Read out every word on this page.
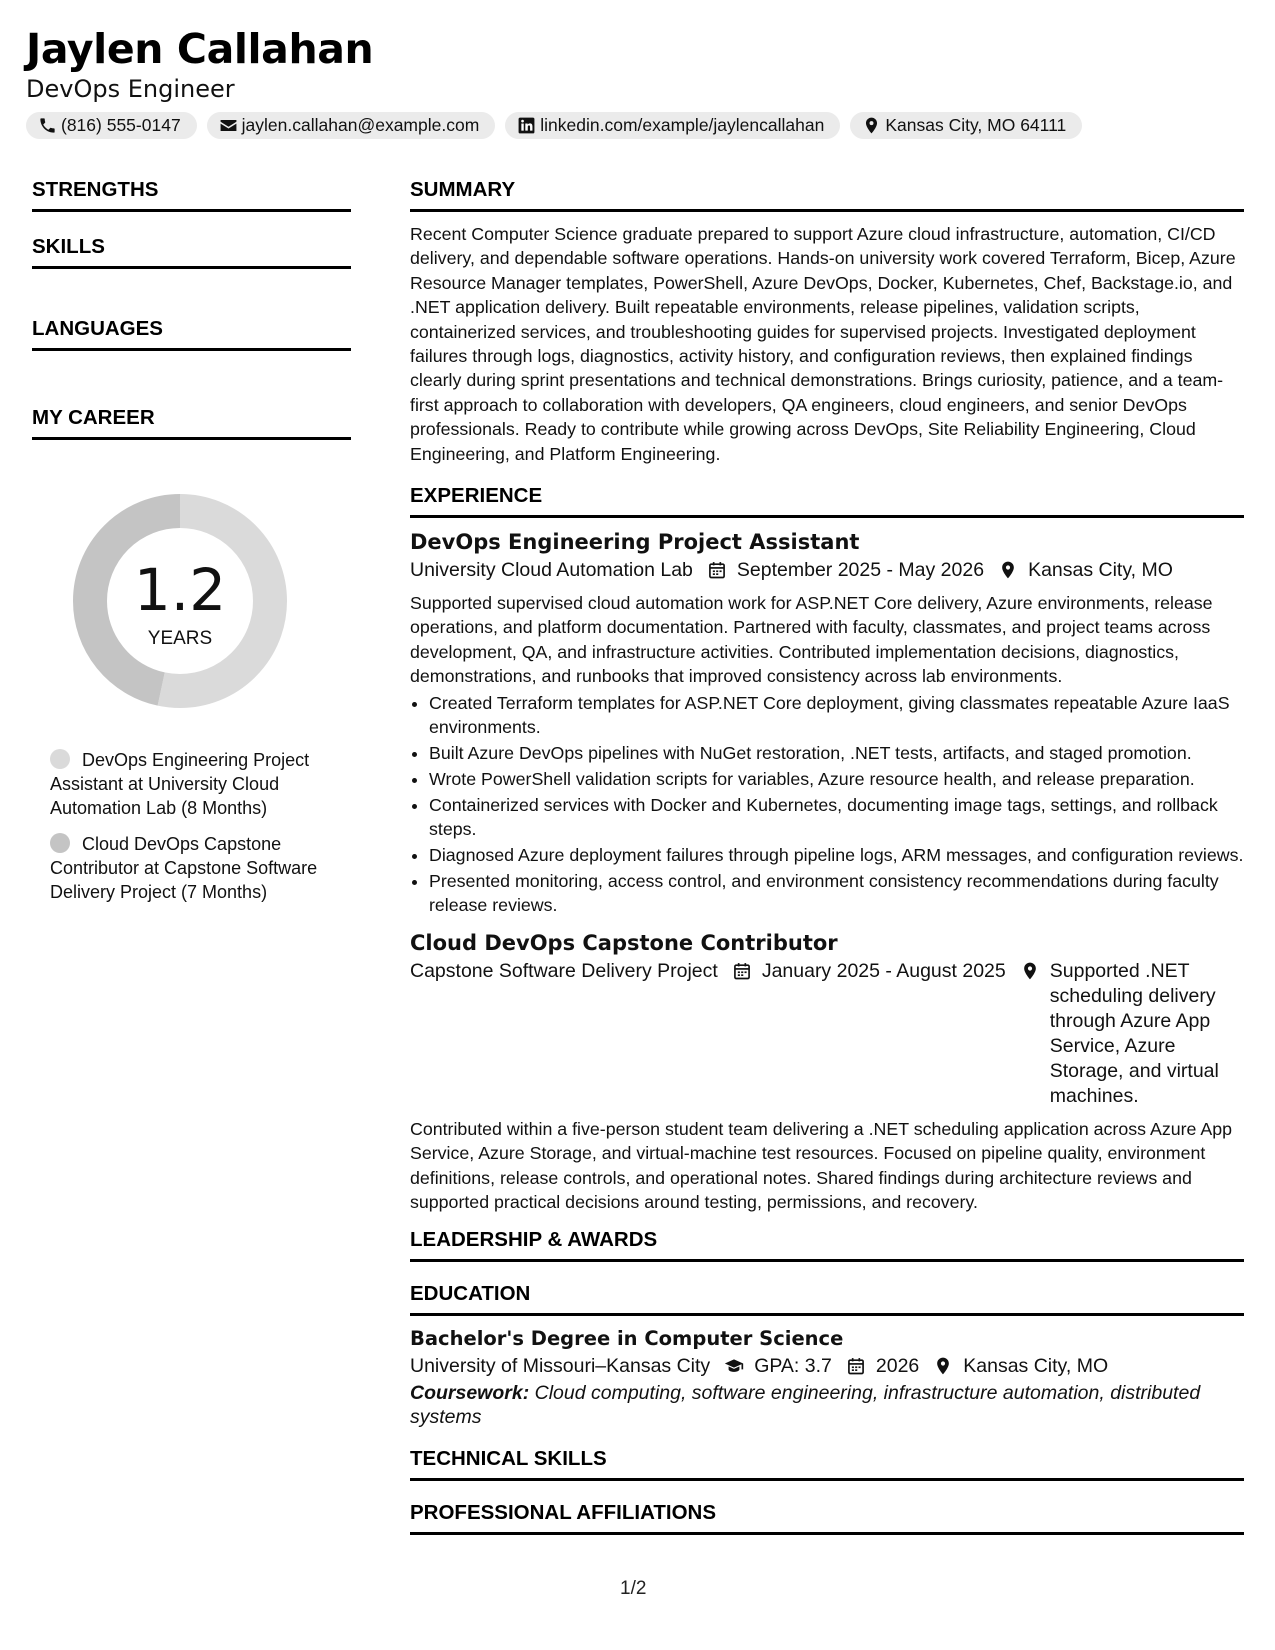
Jaylen Callahan
DevOps Engineer
(816) 555-0147	jaylen.callahan@example.com	linkedin.com/example/jaylencallahan	Kansas City, MO 64111
STRENGTHS
SKILLS
LANGUAGES
MY CAREER
1.2
YEARS
DevOps Engineering Project Assistant at University Cloud Automation Lab (8 Months)
Cloud DevOps Capstone Contributor at Capstone Software Delivery Project (7 Months)
SUMMARY
Recent Computer Science graduate prepared to support Azure cloud infrastructure, automation, CI/CD delivery, and dependable software operations. Hands-on university work covered Terraform, Bicep, Azure Resource Manager templates, PowerShell, Azure DevOps, Docker, Kubernetes, Chef, Backstage.io, and .NET application delivery. Built repeatable environments, release pipelines, validation scripts, containerized services, and troubleshooting guides for supervised projects. Investigated deployment failures through logs, diagnostics, activity history, and configuration reviews, then explained findings clearly during sprint presentations and technical demonstrations. Brings curiosity, patience, and a team-first approach to collaboration with developers, QA engineers, cloud engineers, and senior DevOps professionals. Ready to contribute while growing across DevOps, Site Reliability Engineering, Cloud Engineering, and Platform Engineering.
EXPERIENCE
DevOps Engineering Project Assistant
University Cloud Automation Lab September 2025 - May 2026 Kansas City, MO
Supported supervised cloud automation work for ASP.NET Core delivery, Azure environments, release operations, and platform documentation. Partnered with faculty, classmates, and project teams across development, QA, and infrastructure activities. Contributed implementation decisions, diagnostics, demonstrations, and runbooks that improved consistency across lab environments.
• Created Terraform templates for ASP.NET Core deployment, giving classmates repeatable Azure IaaS environments.
• Built Azure DevOps pipelines with NuGet restoration, .NET tests, artifacts, and staged promotion.
• Wrote PowerShell validation scripts for variables, Azure resource health, and release preparation.
• Containerized services with Docker and Kubernetes, documenting image tags, settings, and rollback steps.
• Diagnosed Azure deployment failures through pipeline logs, ARM messages, and configuration reviews.
• Presented monitoring, access control, and environment consistency recommendations during faculty release reviews.
Cloud DevOps Capstone Contributor
Capstone Software Delivery Project January 2025 - August 2025 Supported .NET scheduling delivery through Azure App Service, Azure Storage, and virtual machines.
Contributed within a five-person student team delivering a .NET scheduling application across Azure App Service, Azure Storage, and virtual-machine test resources. Focused on pipeline quality, environment definitions, release controls, and operational notes. Shared findings during architecture reviews and supported practical decisions around testing, permissions, and recovery.
LEADERSHIP & AWARDS
EDUCATION
Bachelor's Degree in Computer Science
University of Missouri–Kansas City GPA: 3.7 2026 Kansas City, MO
Coursework: Cloud computing, software engineering, infrastructure automation, distributed systems
TECHNICAL SKILLS
PROFESSIONAL AFFILIATIONS
1/2
